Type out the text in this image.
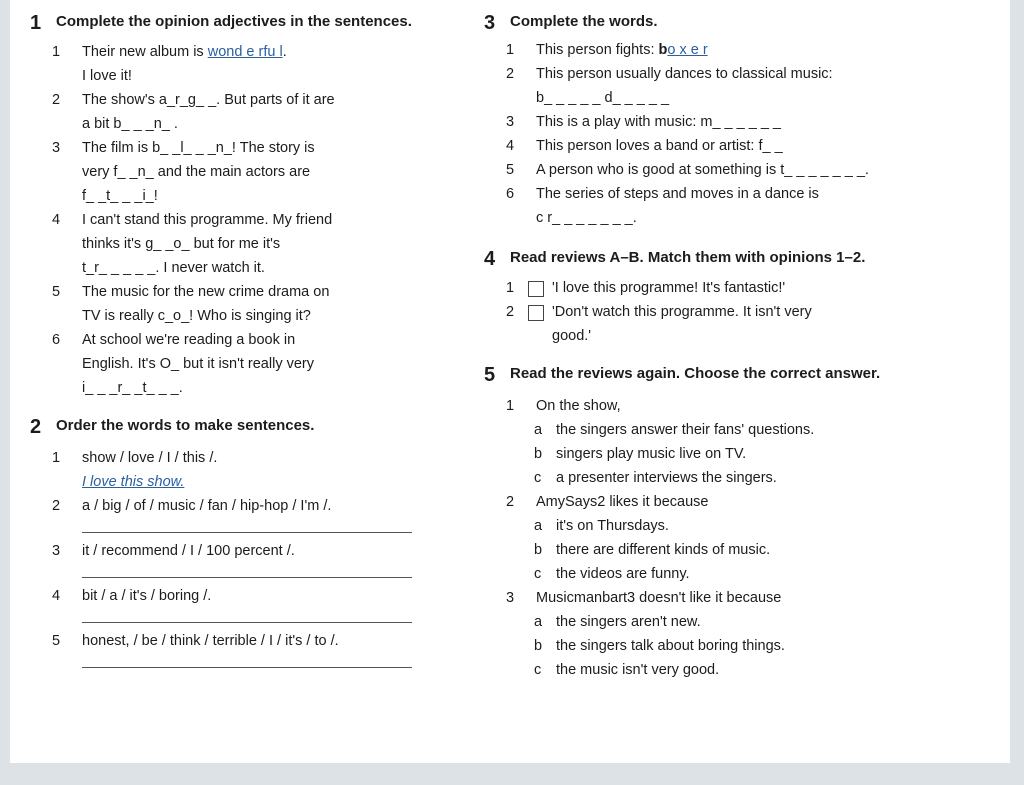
1 Complete the opinion adjectives in the sentences.
1	Their new album is wond e rfu l.
I love it!
2	The show's a_r_g_ _. But parts of it are
a bit b_ _ _n_ .
3	The film is b_ _l_ _ _n_! The story is
very f_ _n_ and the main actors are
f_ _t_ _ _i_!
4	I can't stand this programme. My friend
thinks it's g_ _o_ but for me it's
t_r_ _ _ _ _. I never watch it.
5	The music for the new crime drama on
TV is really c_o_! Who is singing it?
6	At school we're reading a book in
English. It's O_ but it isn't really very
i_ _ _r_ _t_ _ _.
2 Order the words to make sentences.
1	show / love / I / this /.
I love this show.
2	a / big / of / music / fan / hip-hop / I'm /.
3	it / recommend / I / 100 percent /.
4	bit / a / it's / boring /.
5	honest, / be / think / terrible / I / it's / to /.
3 Complete the words.
1	This person fights: bo x e r
2	This person usually dances to classical music:
b_ _ _ _ _ d_ _ _ _ _
3	This is a play with music: m_ _ _ _ _ _
4	This person loves a band or artist: f_ _
5	A person who is good at something is t_ _ _ _ _ _ _.
6	The series of steps and moves in a dance is
c r_ _ _ _ _ _ _.
4 Read reviews A–B. Match them with opinions 1–2.
1	'I love this programme! It's fantastic!'
2	'Don't watch this programme. It isn't very
good.'
5 Read the reviews again. Choose the correct answer.
1	On the show,
a the singers answer their fans' questions.
b singers play music live on TV.
c	a presenter interviews the singers.
2	AmySays2 likes it because
a it's on Thursdays.
b there are different kinds of music.
c	the videos are funny.
3	Musicmanbart3 doesn't like it because
a the singers aren't new.
b the singers talk about boring things.
c	the music isn't very good.
